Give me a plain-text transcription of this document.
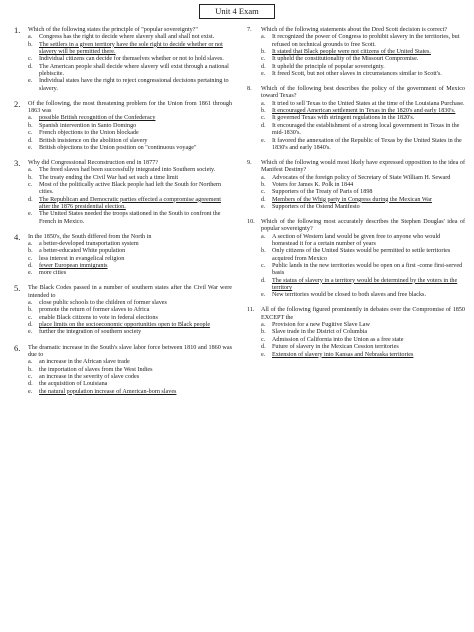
Unit 4 Exam
1.	Which of the following states the principle of "popular sovereignty?"
a.	Congress has the right to decide where slavery shall and shall not exist.
b.	The settlers in a given territory have the sole right to decide whether or not slavery will be permitted there.
c.	Individual citizens can decide for themselves whether or not to hold slaves.
d.	The American people shall decide where slavery will exist through a national plebiscite.
e.	Individual states have the right to reject congressional decisions pertaining to slavery.
2.	Of the following, the most threatening problem for the Union from 1861 through 1863 was
a.	possible British recognition of the Confederacy
b.	Spanish intervention in Santo Domingo
c.	French objections to the Union blockade
d.	British insistence on the abolition of slavery
e.	British objections to the Union position on "continuous voyage"
3.	Why did Congressional Reconstruction end in 1877?
a.	The freed slaves had been successfully integrated into Southern society.
b.	The treaty ending the Civil War had set such a time limit
c.	Most of the politically active Black people had left the South for Northern cities.
d.	The Republican and Democratic parties effected a compromise agreement after the 1876 presidential election.
e.	The United States needed the troops stationed in the South to confront the French in Mexico.
4.	In the 1850's, the South differed from the North in
a.	a better-developed transportation system
b.	a better-educated White population
c.	less interest in evangelical religion
d.	fewer European immigrants
e.	more cities
5.	The Black Codes passed in a number of southern states after the Civil War were intended to
a.	close public schools to the children of former slaves
b.	promote the return of former slaves to Africa
c.	enable Black citizens to vote in federal elections
d.	place limits on the socioeconomic opportunities open to Black people
e.	further the integration of southern society
6.	The dramatic increase in the South's slave labor force between 1810 and 1860 was due to
a.	an increase in the African slave trade
b.	the importation of slaves from the West Indies
c.	an increase in the severity of slave codes
d.	the acquisition of Louisiana
e.	the natural population increase of American-born slaves
7.	Which of the following statements about the Dred Scott decision is correct?
a.	It recognized the power of Congress to prohibit slavery in the territories, but refused on technical grounds to free Scott.
b.	It stated that Black people were not citizens of the United States.
c.	It upheld the constitutionality of the Missouri Compromise.
d.	It upheld the principle of popular sovereignty.
e.	It freed Scott, but not other slaves in circumstances similar to Scott's.
8.	Which of the following best describes the policy of the government of Mexico toward Texas?
a.	It tried to sell Texas to the United States at the time of the Louisiana Purchase.
b.	It encouraged American settlement in Texas in the 1820's and early 1830's.
c.	It governed Texas with stringent regulations in the 1820's.
d.	It encouraged the establishment of a strong local government in Texas in the mid-1830's.
e.	It favored the annexation of the Republic of Texas by the United States in the 1830's and early 1840's.
9.	Which of the following would most likely have expressed opposition to the idea of Manifest Destiny?
a.	Advocates of the foreign policy of Secretary of State William H. Seward
b.	Voters for James K. Polk in 1844
c.	Supporters of the Treaty of Paris of 1898
d.	Members of the Whig party in Congress during the Mexican War
e.	Supporters of the Ostend Manifesto
10.	Which of the following most accurately describes the Stephen Douglas' idea of popular sovereignty?
a.	A section of Western land would be given free to anyone who would homestead it for a certain number of years
b.	Only citizens of the United States would be permitted to settle territories acquired from Mexico
c.	Public lands in the new territories would be open on a first -come first-served basis
d.	The status of slavery in a territory would be determined by the voters in the territory
e.	New territories would be closed to both slaves and free blacks.
11.	All of the following figured prominently in debates over the Compromise of 1850 EXCEPT the
a.	Provision for a new Fugitive Slave Law
b.	Slave trade in the District of Columbia
c.	Admission of California into the Union as a free state
d.	Future of slavery in the Mexican Cession territories
e.	Extension of slavery into Kansas and Nebraska territories
